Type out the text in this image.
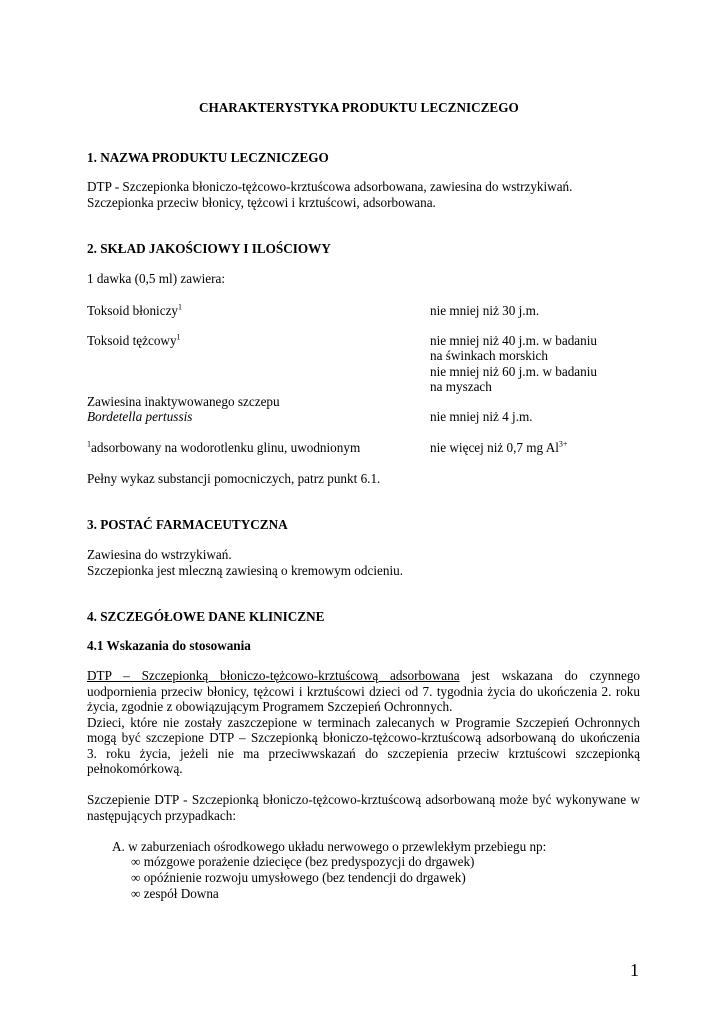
CHARAKTERYSTYKA PRODUKTU LECZNICZEGO
1. NAZWA PRODUKTU LECZNICZEGO
DTP - Szczepionka błoniczo-tężcowo-krztuścowa adsorbowana, zawiesina do wstrzykiwań.
Szczepionka przeciw błonicy, tężcowi i krztuścowi, adsorbowana.
2. SKŁAD JAKOŚCIOWY I ILOŚCIOWY
1 dawka (0,5 ml) zawiera:
Toksoid błoniczy$^1$	nie mniej niż 30 j.m.
Toksoid tężcowy$^1$	nie mniej niż 40 j.m. w badaniu
na świnkach morskich
nie mniej niż 60 j.m. w badaniu
na myszach
Zawiesina inaktywowanego szczepu
Bordetella pertussis	nie mniej niż 4 j.m.
$^1$adsorbowany na wodorotlenku glinu, uwodnionym	nie więcej niż 0,7 mg $Al^{3+}$
Pełny wykaz substancji pomocniczych, patrz punkt 6.1.
3. POSTAĆ FARMACEUTYCZNA
Zawiesina do wstrzykiwań.
Szczepionka jest mleczną zawiesiną o kremowym odcieniu.
4. SZCZEGÓŁOWE DANE KLINICZNE
4.1 Wskazania do stosowania
DTP – Szczepionką błoniczo-tężcowo-krztuścową adsorbowana jest wskazana do czynnego
uodpornienia przeciw błonicy, tężcowi i krztuścowi dzieci od 7. tygodnia życia do ukończenia 2. roku
życia, zgodnie z obowiązującym Programem Szczepień Ochronnych.
Dzieci, które nie zostały zaszczepione w terminach zalecanych w Programie Szczepień Ochronnych
mogą być szczepione DTP – Szczepionką błoniczo-tężcowo-krztuścową adsorbowaną do ukończenia
3. roku życia, jeżeli nie ma przeciwwskazań do szczepienia przeciw krztuścowi szczepionką
pełnokomórkową.
Szczepienie DTP - Szczepionką błoniczo-tężcowo-krztuścową adsorbowaną może być wykonywane w
następujących przypadkach:
A. w zaburzeniach ośrodkowego układu nerwowego o przewlekłym przebiegu np:
∞ mózgowe porażenie dziecięce (bez predyspozycji do drgawek)
∞ opóźnienie rozwoju umysłowego (bez tendencji do drgawek)
∞ zespół Downa
1
